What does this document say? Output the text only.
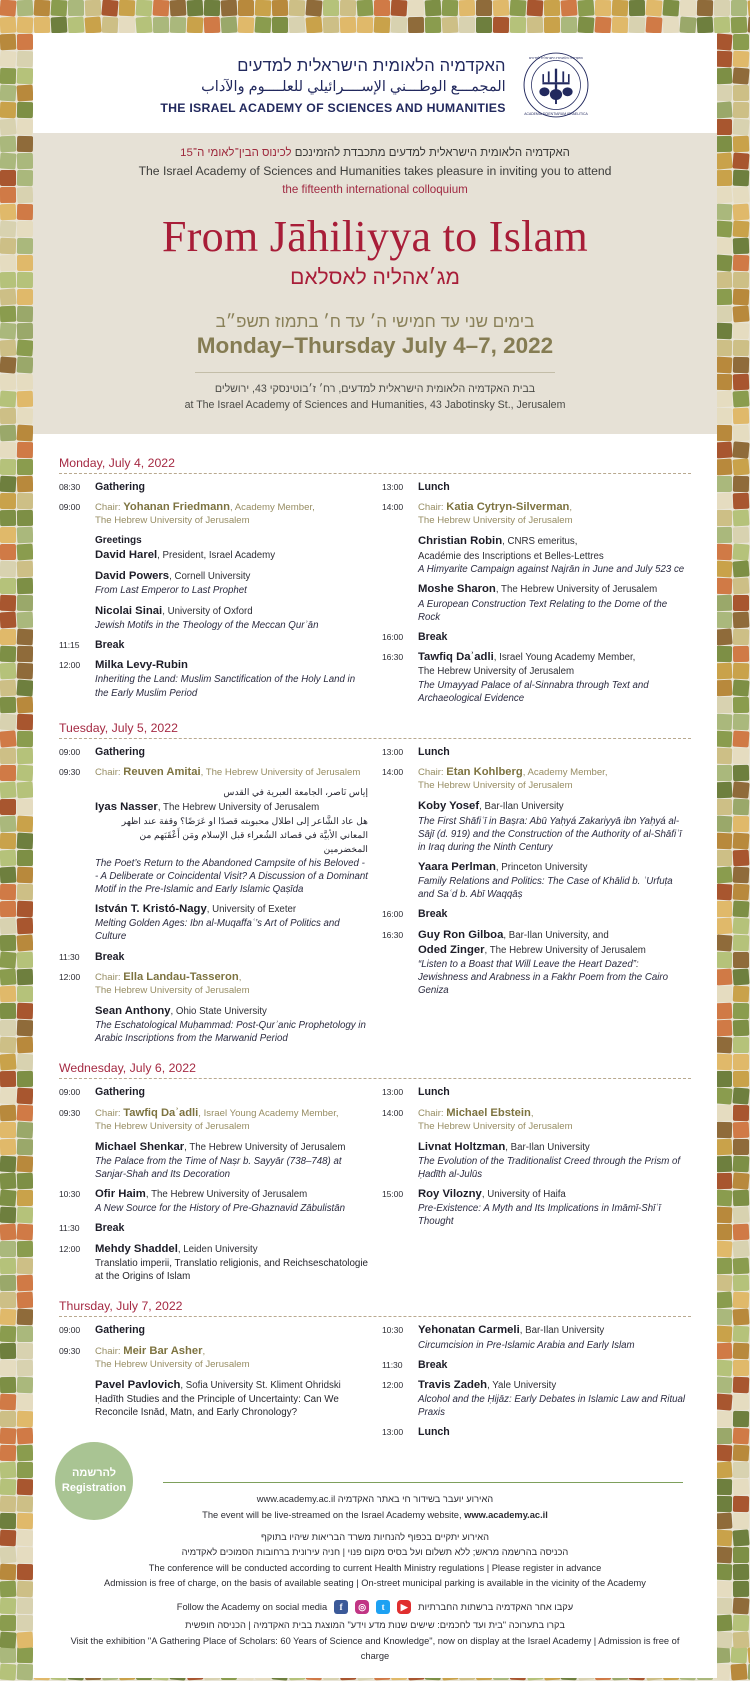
האקדמיה הלאומית הישראלית למדעים
المجمـــع الوطـــني الإســــرائيلي للعلــــوم والآداب
THE ISRAEL ACADEMY OF SCIENCES AND HUMANITIES
האקדמיה הלאומית הישראלית למדעים
ACADEMIA SCIENTIARUM ISRAELITICA
האקדמיה הלאומית הישראלית למדעים מתכבדת להזמינכם לכינוס הבין־לאומי ה־15
The Israel Academy of Sciences and Humanities takes pleasure in inviting you to attend
the fifteenth international colloquium
From Jāhiliyya to Islam
מג׳אהליה לאסלאם
בימים שני עד חמישי ה׳ עד ח׳ בתמוז תשפ״ב
Monday–Thursday July 4–7, 2022
בבית האקדמיה הלאומית הישראלית למדעים, רח׳ ז׳בוטינסקי 43, ירושלים
at The Israel Academy of Sciences and Humanities, 43 Jabotinsky St., Jerusalem
Monday, July 4, 2022
08:30	Gathering
09:00	Chair: Yohanan Friedmann, Academy Member,
The Hebrew University of Jerusalem
Greetings
David Harel, President, Israel Academy
David Powers, Cornell University
From Last Emperor to Last Prophet
Nicolai Sinai, University of Oxford
Jewish Motifs in the Theology of the Meccan Qurʾān
11:15	Break
12:00	Milka Levy-Rubin
Inheriting the Land: Muslim Sanctification of the Holy Land in the Early Muslim Period
13:00	Lunch
14:00	Chair: Katia Cytryn-Silverman,
The Hebrew University of Jerusalem
Christian Robin, CNRS emeritus,
Académie des Inscriptions et Belles-Lettres
A Himyarite Campaign against Najrān in June and July 523 ce
Moshe Sharon, The Hebrew University of Jerusalem
A European Construction Text Relating to the Dome of the Rock
16:00	Break
16:30	Tawfiq Daʾadli, Israel Young Academy Member,
The Hebrew University of Jerusalem
The Umayyad Palace of al-Sinnabra through Text and Archaeological Evidence
Tuesday, July 5, 2022
09:00	Gathering
09:30	Chair: Reuven Amitai, The Hebrew University of Jerusalem
إياس نَاصر، الجامعة العبرية في القدس
Iyas Nasser, The Hebrew University of Jerusalem
هل عاد الشَّاعر إلى اطلال محبوبته قصدًا او عَرَضًا؟ وقفة عند اظهر المعاني الأبيَّة في قصائد الشُعراء قبل الإسلام ومَن أَعْقَبَهم من المخضرمين
The Poet’s Return to the Abandoned Campsite of his Beloved -- A Deliberate or Coincidental Visit? A Discussion of a Dominant Motif in the Pre-Islamic and Early Islamic Qaṣīda
István T. Kristó-Nagy, University of Exeter
Melting Golden Ages: Ibn al-Muqaffaʿ’s Art of Politics and Culture
11:30	Break
12:00	Chair: Ella Landau-Tasseron,
The Hebrew University of Jerusalem
Sean Anthony, Ohio State University
The Eschatological Muḥammad: Post-Qurʾanic Prophetology in Arabic Inscriptions from the Marwanid Period
13:00	Lunch
14:00	Chair: Etan Kohlberg, Academy Member,
The Hebrew University of Jerusalem
Koby Yosef, Bar-Ilan University
The First Shāfiʿī in Baṣra: Abū Yaḥyá Zakariyyā ibn Yaḥyá al-Sājī (d. 919) and the Construction of the Authority of al-Shāfiʿī in Iraq during the Ninth Century
Yaara Perlman, Princeton University
Family Relations and Politics: The Case of Khālid b. ʿUrfuṭa and Saʿd b. Abī Waqqāṣ
16:00	Break
16:30	Guy Ron Gilboa, Bar-Ilan University, and
Oded Zinger, The Hebrew University of Jerusalem
“Listen to a Boast that Will Leave the Heart Dazed”: Jewishness and Arabness in a Fakhr Poem from the Cairo Geniza
Wednesday, July 6, 2022
09:00	Gathering
09:30	Chair: Tawfiq Daʾadli, Israel Young Academy Member,
The Hebrew University of Jerusalem
Michael Shenkar, The Hebrew University of Jerusalem
The Palace from the Time of Naṣr b. Sayyār (738–748) at Sanjar-Shah and Its Decoration
10:30	Ofir Haim, The Hebrew University of Jerusalem
A New Source for the History of Pre-Ghaznavid Zābulistān
11:30	Break
12:00	Mehdy Shaddel, Leiden University
Translatio imperii, Translatio religionis, and Reichseschatologie at the Origins of Islam
13:00	Lunch
14:00	Chair: Michael Ebstein,
The Hebrew University of Jerusalem
Livnat Holtzman, Bar-Ilan University
The Evolution of the Traditionalist Creed through the Prism of Ḥadīth al-Julūs
15:00	Roy Vilozny, University of Haifa
Pre-Existence: A Myth and Its Implications in Imāmī-Shīʿī Thought
Thursday, July 7, 2022
09:00	Gathering
09:30	Chair: Meir Bar Asher,
The Hebrew University of Jerusalem
Pavel Pavlovich, Sofia University St. Kliment Ohridski
Ḥadīth Studies and the Principle of Uncertainty: Can We Reconcile Isnād, Matn, and Early Chronology?
10:30	Yehonatan Carmeli, Bar-Ilan University
Circumcision in Pre-Islamic Arabia and Early Islam
11:30	Break
12:00	Travis Zadeh, Yale University
Alcohol and the Ḥijāz: Early Debates in Islamic Law and Ritual Praxis
13:00	Lunch
להרשמה
Registration
האירוע יועבר בשידור חי באתר האקדמיה www.academy.ac.il
The event will be live-streamed on the Israel Academy website, www.academy.ac.il
האירוע יתקיים בכפוף להנחיות משרד הבריאות שיהיו בתוקף
הכניסה בהרשמה מראש; ללא תשלום ועל בסיס מקום פנוי | חניה עירונית ברחובות הסמוכים לאקדמיה
The conference will be conducted according to current Health Ministry regulations | Please register in advance
Admission is free of charge, on the basis of available seating | On-street municipal parking is available in the vicinity of the Academy
Follow the Academy on social media	f	◎	t	▶	עקבו אחר האקדמיה ברשתות החברתיות
בקרו בתערוכה "בית ועד לחכמים: שישים שנות מדע וידע" המוצגת בבית האקדמיה | הכניסה חופשית
Visit the exhibition "A Gathering Place of Scholars: 60 Years of Science and Knowledge", now on display at the Israel Academy | Admission is free of charge
